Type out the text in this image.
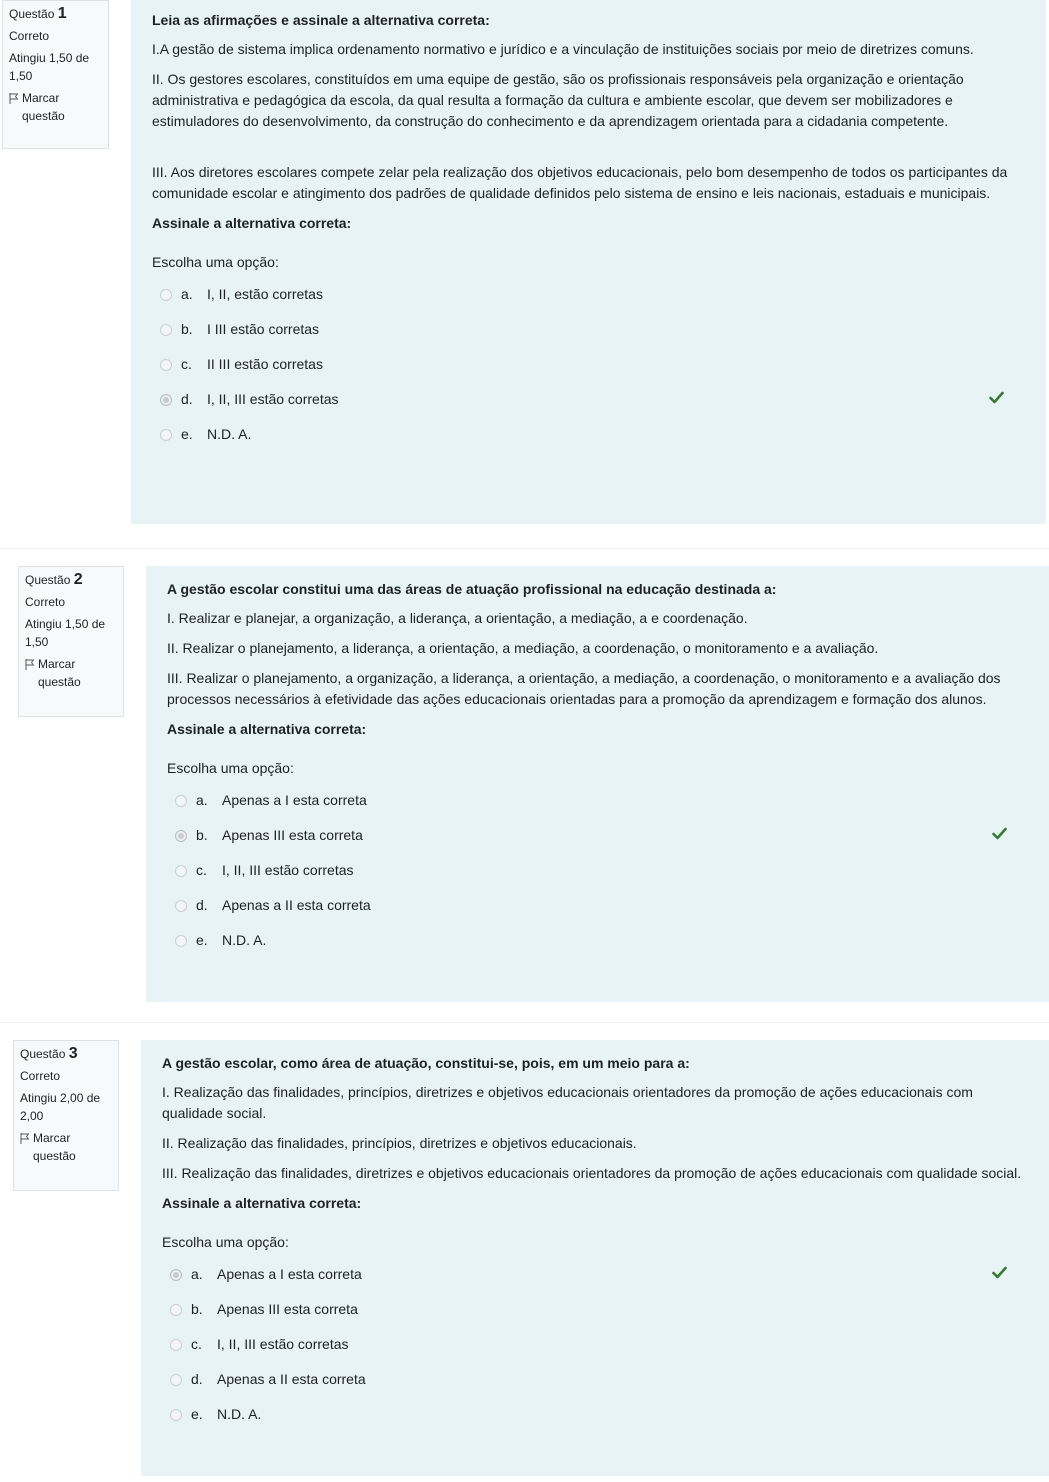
Questão 1
Correto
Atingiu 1,50 de 1,50
Marcar questão

Leia as afirmações e assinale a alternativa correta:

I.A gestão de sistema implica ordenamento normativo e jurídico e a vinculação de instituições sociais por meio de diretrizes comuns.

II. Os gestores escolares, constituídos em uma equipe de gestão, são os profissionais responsáveis pela organização e orientação administrativa e pedagógica da escola, da qual resulta a formação da cultura e ambiente escolar, que devem ser mobilizadores e estimuladores do desenvolvimento, da construção do conhecimento e da aprendizagem orientada para a cidadania competente.

III. Aos diretores escolares compete zelar pela realização dos objetivos educacionais, pelo bom desempenho de todos os participantes da comunidade escolar e atingimento dos padrões de qualidade definidos pelo sistema de ensino e leis nacionais, estaduais e municipais.

Assinale a alternativa correta:

Escolha uma opção:
a.	I, II, estão corretas
b.	I III estão corretas
c.	II III estão corretas
d.	I, II, III estão corretas
e.	N.D. A.
Questão 2
Correto
Atingiu 1,50 de 1,50
Marcar questão

A gestão escolar constitui uma das áreas de atuação profissional na educação destinada a:

I. Realizar e planejar, a organização, a liderança, a orientação, a mediação, a e coordenação.

II. Realizar o planejamento, a liderança, a orientação, a mediação, a coordenação, o monitoramento e a avaliação.

III. Realizar o planejamento, a organização, a liderança, a orientação, a mediação, a coordenação, o monitoramento e a avaliação dos processos necessários à efetividade das ações educacionais orientadas para a promoção da aprendizagem e formação dos alunos.

Assinale a alternativa correta:

Escolha uma opção:
a.	Apenas a I esta correta
b.	Apenas III esta correta
c.	I, II, III estão corretas
d.	Apenas a II esta correta
e.	N.D. A.
Questão 3
Correto
Atingiu 2,00 de 2,00
Marcar questão

A gestão escolar, como área de atuação, constitui-se, pois, em um meio para a:

I. Realização das finalidades, princípios, diretrizes e objetivos educacionais orientadores da promoção de ações educacionais com qualidade social.

II. Realização das finalidades, princípios, diretrizes e objetivos educacionais.

III. Realização das finalidades, diretrizes e objetivos educacionais orientadores da promoção de ações educacionais com qualidade social.

Assinale a alternativa correta:

Escolha uma opção:
a.	Apenas a I esta correta
b.	Apenas III esta correta
c.	I, II, III estão corretas
d.	Apenas a II esta correta
e.	N.D. A.
